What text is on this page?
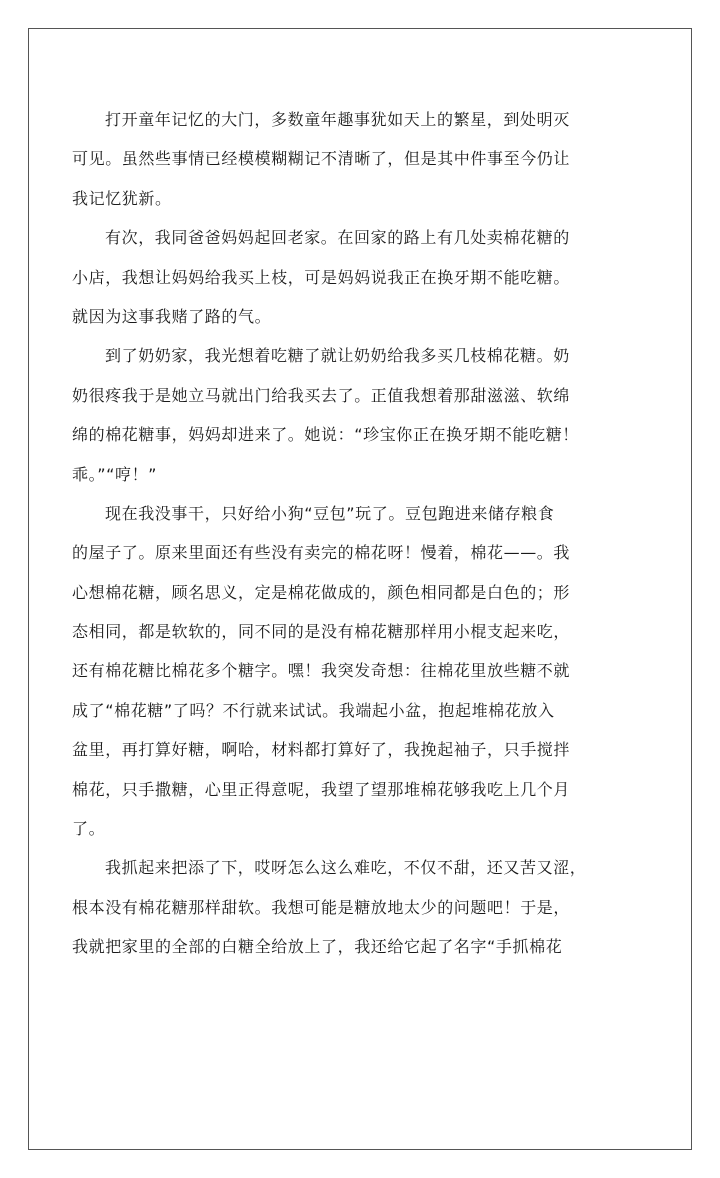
打开童年记忆的大门，多数童年趣事犹如天上的繁星，到处明灭
可见。虽然些事情已经模模糊糊记不清晰了，但是其中件事至今仍让
我记忆犹新。
有次，我同爸爸妈妈起回老家。在回家的路上有几处卖棉花糖的
小店，我想让妈妈给我买上枝，可是妈妈说我正在换牙期不能吃糖。
就因为这事我赌了路的气。
到了奶奶家，我光想着吃糖了就让奶奶给我多买几枝棉花糖。奶
奶很疼我于是她立马就出门给我买去了。正值我想着那甜滋滋、软绵
绵的棉花糖事，妈妈却进来了。她说：“珍宝你正在换牙期不能吃糖！
乖。”“哼！”
现在我没事干，只好给小狗“豆包”玩了。豆包跑进来储存粮食
的屋子了。原来里面还有些没有卖完的棉花呀！慢着，棉花——。我
心想棉花糖，顾名思义，定是棉花做成的，颜色相同都是白色的；形
态相同，都是软软的，同不同的是没有棉花糖那样用小棍支起来吃，
还有棉花糖比棉花多个糖字。嘿！我突发奇想：往棉花里放些糖不就
成了“棉花糖”了吗？不行就来试试。我端起小盆，抱起堆棉花放入
盆里，再打算好糖，啊哈，材料都打算好了，我挽起袖子，只手搅拌
棉花，只手撒糖，心里正得意呢，我望了望那堆棉花够我吃上几个月
了。
我抓起来把添了下，哎呀怎么这么难吃，不仅不甜，还又苦又涩，
根本没有棉花糖那样甜软。我想可能是糖放地太少的问题吧！于是，
我就把家里的全部的白糖全给放上了，我还给它起了名字“手抓棉花
